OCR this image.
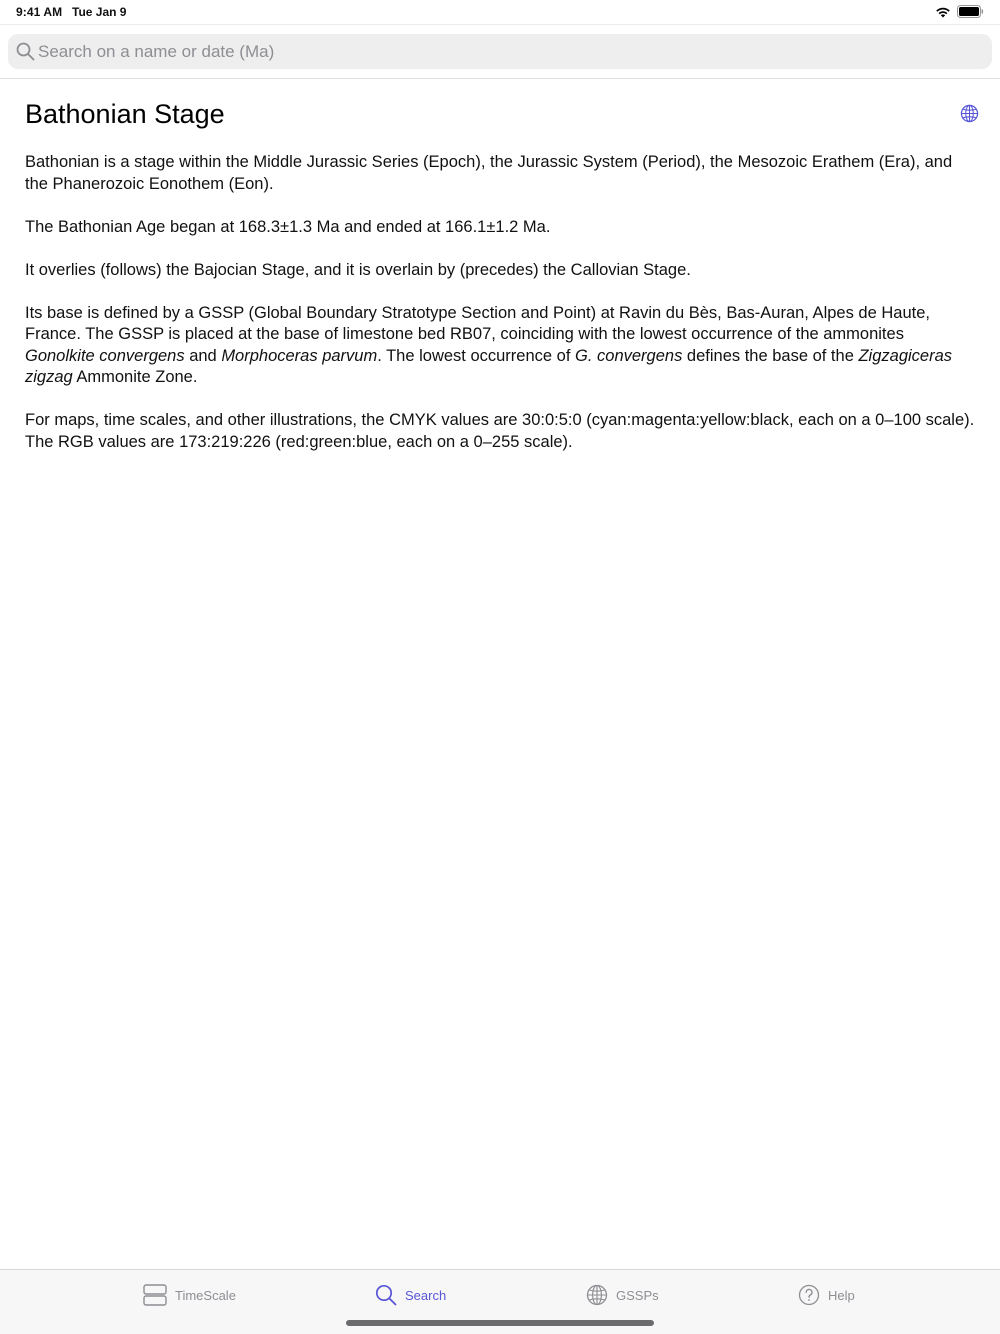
9:41 AM Tue Jan 9
Search on a name or date (Ma)
Bathonian Stage

Bathonian is a stage within the Middle Jurassic Series (Epoch), the Jurassic System (Period), the Mesozoic Erathem (Era), and the Phanerozoic Eonothem (Eon).

The Bathonian Age began at 168.3±1.3 Ma and ended at 166.1±1.2 Ma.

It overlies (follows) the Bajocian Stage, and it is overlain by (precedes) the Callovian Stage.

Its base is defined by a GSSP (Global Boundary Stratotype Section and Point) at Ravin du Bès, Bas-Auran, Alpes de Haute, France. The GSSP is placed at the base of limestone bed RB07, coinciding with the lowest occurrence of the ammonites Gonolkite convergens and Morphoceras parvum. The lowest occurrence of G. convergens defines the base of the Zigzagiceras zigzag Ammonite Zone.

For maps, time scales, and other illustrations, the CMYK values are 30:0:5:0 (cyan:magenta:yellow:black, each on a 0–100 scale). The RGB values are 173:219:226 (red:green:blue, each on a 0–255 scale).

TimeScale	Search	GSSPs	Help
